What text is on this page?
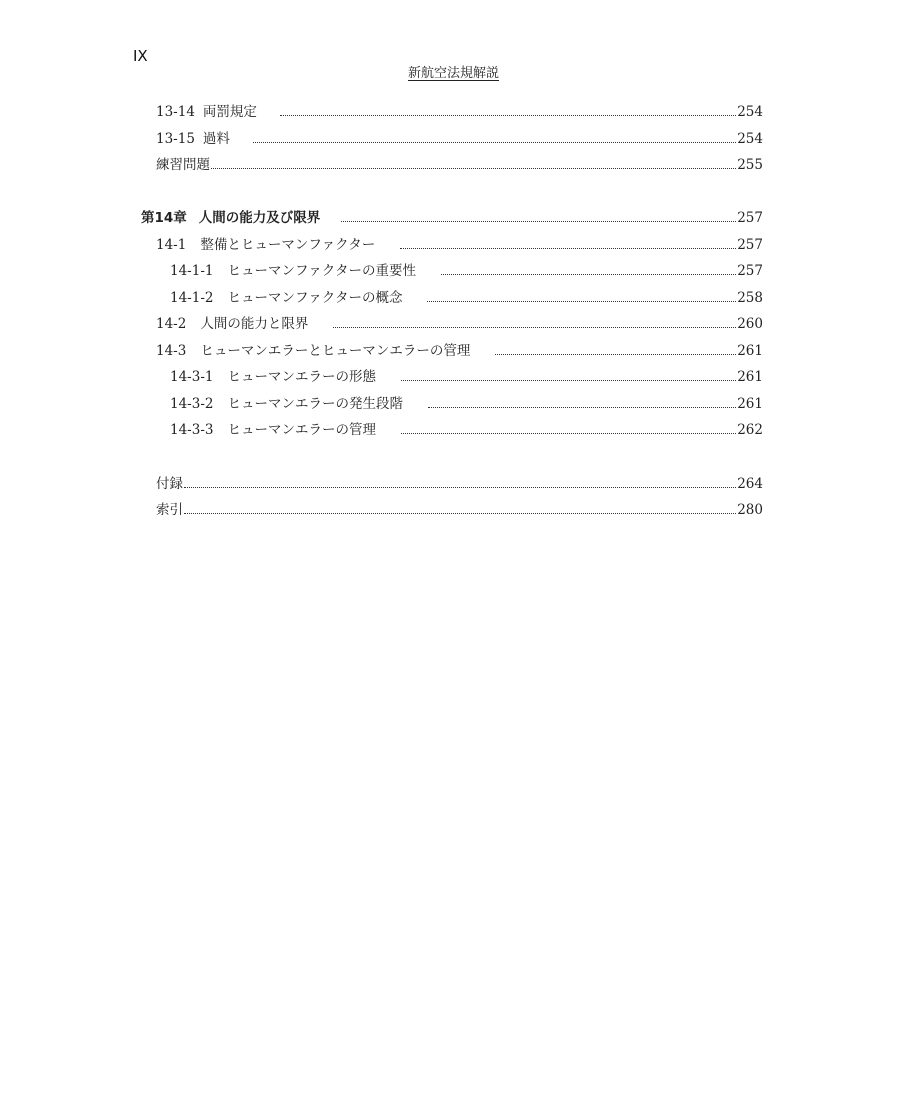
IX
新航空法規解説
13-14 両罰規定	254
13-15 過料	254
練習問題	255
第14章 人間の能力及び限界	257
14-1 整備とヒューマンファクター	257
14-1-1 ヒューマンファクターの重要性	257
14-1-2 ヒューマンファクターの概念	258
14-2 人間の能力と限界	260
14-3 ヒューマンエラーとヒューマンエラーの管理	261
14-3-1 ヒューマンエラーの形態	261
14-3-2 ヒューマンエラーの発生段階	261
14-3-3 ヒューマンエラーの管理	262
付録	264
索引	280
